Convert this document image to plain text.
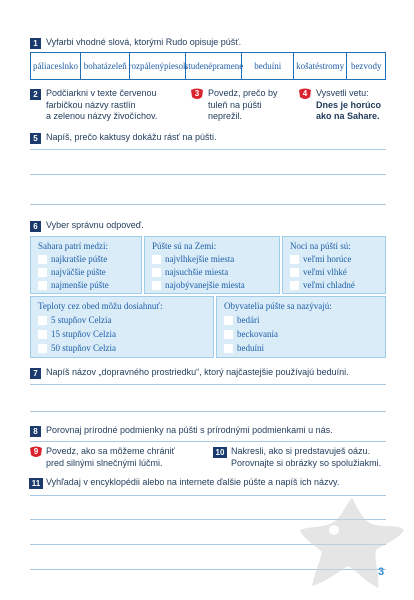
1 Vyfarbi vhodné slová, ktorými Rudo opisuje púšť.
páliace slnko bohatá zeleň rozpálený piesok
studené pramene beduíni košaté stromy bez vody
2 Podčiarkni v texte červenou
farbičkou názvy rastlín
a zelenou názvy živočíchov.
3 Povedz, prečo by
tuleň na púšti
neprežil.
4 Vysvetli vetu:
Dnes je horúco
ako na Sahare.
5 Napíš, prečo kaktusy dokážu rásť na púšti.
6 Vyber správnu odpoveď.
Sahara patrí medzi:
najkratšie púšte
najväčšie púšte
najmenšie púšte
Púšte sú na Zemi:
najvlhkejšie miesta
najsuchšie miesta
najobývanejšie miesta
Noci na púšti sú:
veľmi horúce
veľmi vlhké
veľmi chladné
Teploty cez obed môžu dosiahnuť:
5 stupňov Celzia
15 stupňov Celzia
50 stupňov Celzia
Obyvatelia púšte sa nazývajú:
bedári
beckovania
beduíni
7 Napíš názov „dopravného prostriedku“, ktorý najčastejšie používajú beduíni.
8 Porovnaj prírodné podmienky na púšti s prírodnými podmienkami u nás.
9 Povedz, ako sa môžeme chrániť
pred silnými slnečnými lúčmi.
10 Nakresli, ako si predstavuješ oázu.
Porovnajte si obrázky so spolužiakmi.
11 Vyhľadaj v encyklopédii alebo na internete ďalšie púšte a napíš ich názvy.
3
